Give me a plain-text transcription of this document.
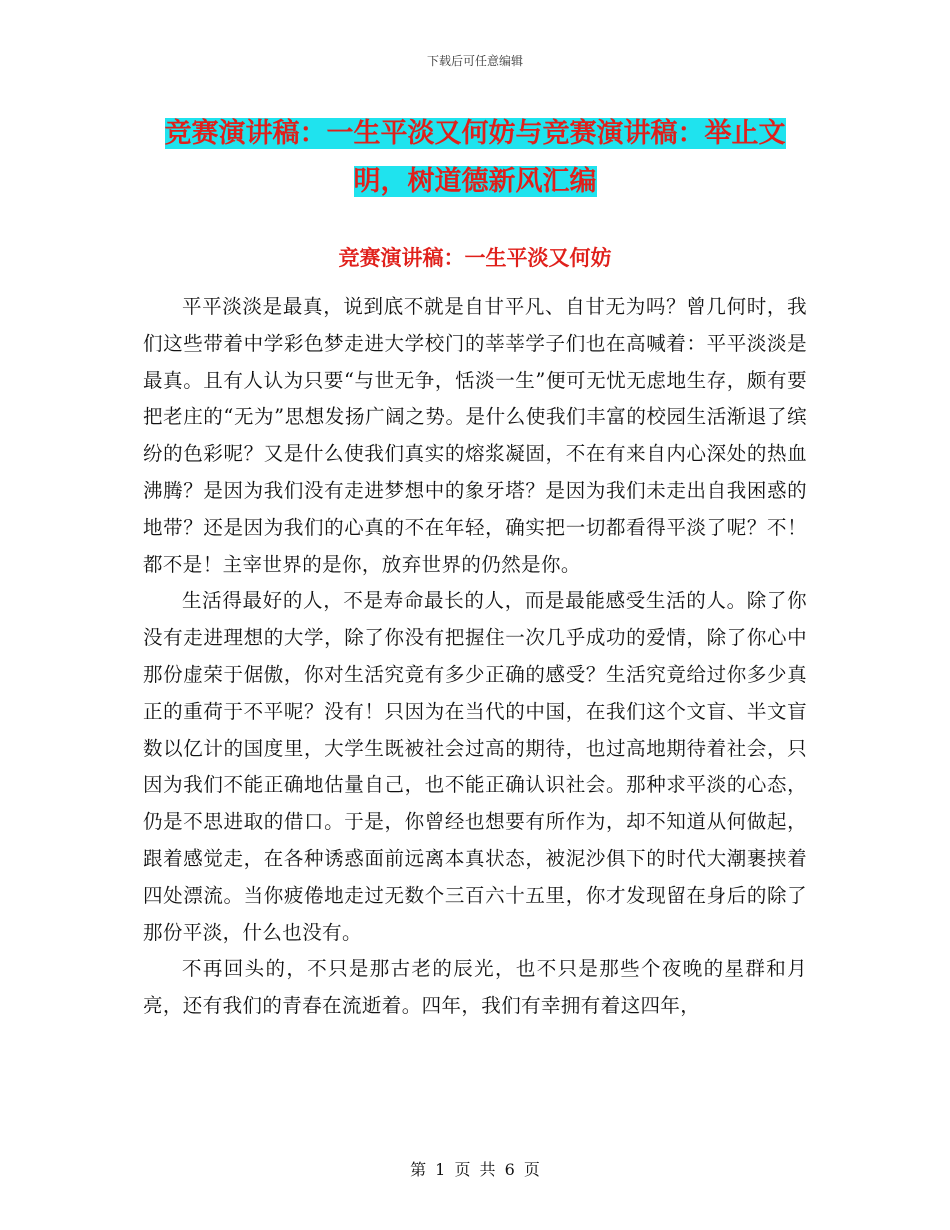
下载后可任意编辑
竞赛演讲稿：一生平淡又何妨与竞赛演讲稿：举止文明，树道德新风汇编
竞赛演讲稿：一生平淡又何妨

平平淡淡是最真，说到底不就是自甘平凡、自甘无为吗？曾几何时，我们这些带着中学彩色梦走进大学校门的莘莘学子们也在高喊着：平平淡淡是最真。且有人认为只要“与世无争，恬淡一生”便可无忧无虑地生存，颇有要把老庄的“无为”思想发扬广阔之势。是什么使我们丰富的校园生活渐退了缤纷的色彩呢？又是什么使我们真实的熔浆凝固，不在有来自内心深处的热血沸腾？是因为我们没有走进梦想中的象牙塔？是因为我们未走出自我困惑的地带？还是因为我们的心真的不在年轻，确实把一切都看得平淡了呢？不！都不是！主宰世界的是你，放弃世界的仍然是你。

生活得最好的人，不是寿命最长的人，而是最能感受生活的人。除了你没有走进理想的大学，除了你没有把握住一次几乎成功的爱情，除了你心中那份虚荣于倨傲，你对生活究竟有多少正确的感受？生活究竟给过你多少真正的重荷于不平呢？没有！只因为在当代的中国，在我们这个文盲、半文盲数以亿计的国度里，大学生既被社会过高的期待，也过高地期待着社会，只因为我们不能正确地估量自己，也不能正确认识社会。那种求平淡的心态，仍是不思进取的借口。于是，你曾经也想要有所作为，却不知道从何做起，跟着感觉走，在各种诱惑面前远离本真状态，被泥沙俱下的时代大潮裹挟着四处漂流。当你疲倦地走过无数个三百六十五里，你才发现留在身后的除了那份平淡，什么也没有。

不再回头的，不只是那古老的辰光，也不只是那些个夜晚的星群和月亮，还有我们的青春在流逝着。四年，我们有幸拥有着这四年，

第 1 页 共 6 页
